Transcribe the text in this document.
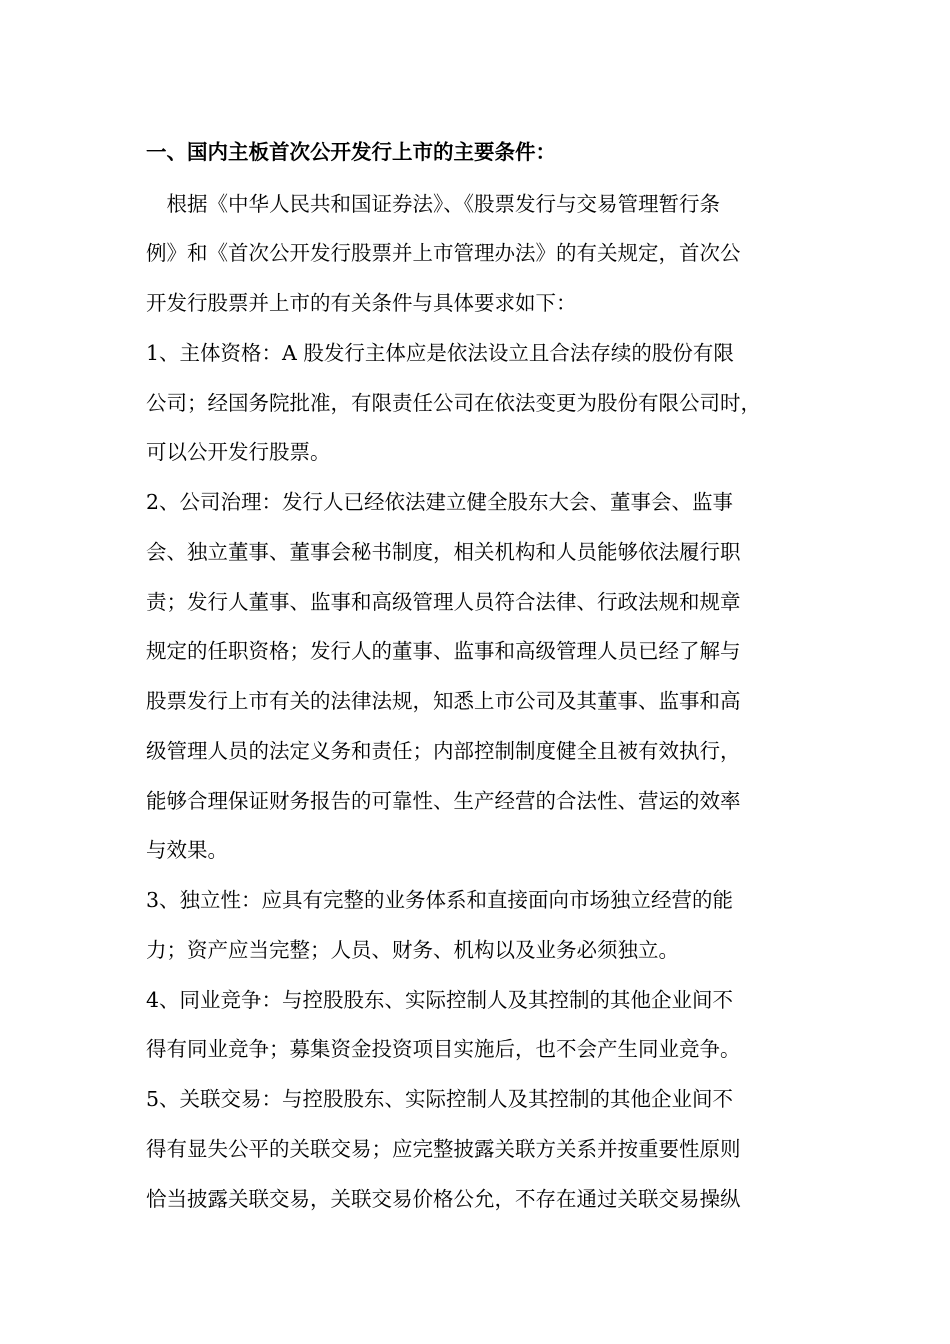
一、国内主板首次公开发行上市的主要条件：
　根据《中华人民共和国证券法》、《股票发行与交易管理暂行条
例》和《首次公开发行股票并上市管理办法》的有关规定，首次公
开发行股票并上市的有关条件与具体要求如下：
1、主体资格：A 股发行主体应是依法设立且合法存续的股份有限
公司；经国务院批准，有限责任公司在依法变更为股份有限公司时，
可以公开发行股票。
2、公司治理：发行人已经依法建立健全股东大会、董事会、监事
会、独立董事、董事会秘书制度，相关机构和人员能够依法履行职
责；发行人董事、监事和高级管理人员符合法律、行政法规和规章
规定的任职资格；发行人的董事、监事和高级管理人员已经了解与
股票发行上市有关的法律法规，知悉上市公司及其董事、监事和高
级管理人员的法定义务和责任；内部控制制度健全且被有效执行，
能够合理保证财务报告的可靠性、生产经营的合法性、营运的效率
与效果。
3、独立性：应具有完整的业务体系和直接面向市场独立经营的能
力；资产应当完整；人员、财务、机构以及业务必须独立。
4、同业竞争：与控股股东、实际控制人及其控制的其他企业间不
得有同业竞争；募集资金投资项目实施后，也不会产生同业竞争。
5、关联交易：与控股股东、实际控制人及其控制的其他企业间不
得有显失公平的关联交易；应完整披露关联方关系并按重要性原则
恰当披露关联交易，关联交易价格公允，不存在通过关联交易操纵
